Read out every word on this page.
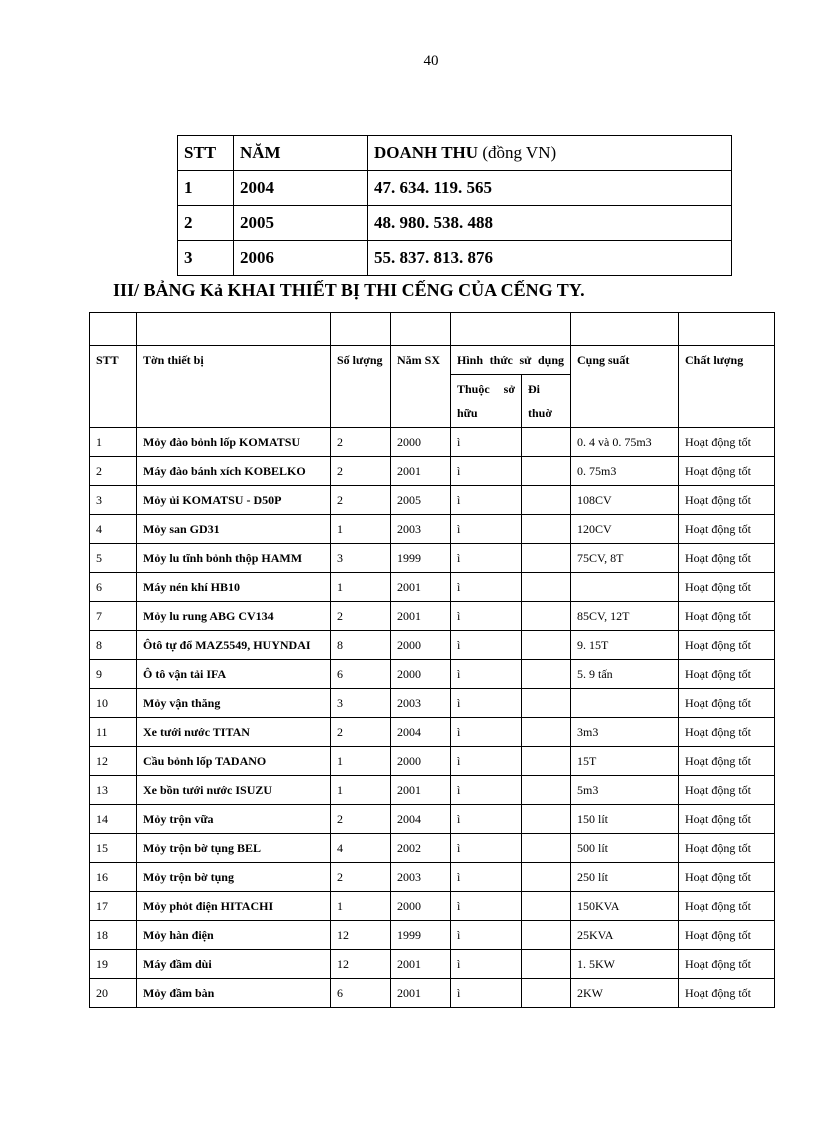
40
STT	NĂM	DOANH THU (đồng VN)
1	2004	47. 634. 119. 565
2	2005	48. 980. 538. 488
3	2006	55. 837. 813. 876
III/ BẢNG Kả KHAI THIẾT BỊ THI CẾNG CỦA CẾNG TY.

STT	Tờn thiết bị	Số lượng	Năm SX	Hình thức sử dụng		Cụng suất	Chất lượng
				Thuộc sở hữu	Đi thuờ		
1	Mỏy đào bỏnh lốp KOMATSU	2	2000	ì		0. 4 và 0. 75m3	Hoạt động tốt
2	Máy đào bánh xích KOBELKO	2	2001	ì		0. 75m3	Hoạt động tốt
3	Mỏy ủi KOMATSU - D50P	2	2005	ì		108CV	Hoạt động tốt
4	Mỏy san GD31	1	2003	ì		120CV	Hoạt động tốt
5	Mỏy lu tĩnh bỏnh thộp HAMM	3	1999	ì		75CV, 8T	Hoạt động tốt
6	Máy nén khí HB10	1	2001	ì			Hoạt động tốt
7	Mỏy lu rung ABG CV134	2	2001	ì		85CV, 12T	Hoạt động tốt
8	Ôtô tự đổ MAZ5549, HUYNDAI	8	2000	ì		9. 15T	Hoạt động tốt
9	Ô tô vận tải IFA	6	2000	ì		5. 9 tấn	Hoạt động tốt
10	Mỏy vận thăng	3	2003	ì			Hoạt động tốt
11	Xe tưới nước TITAN	2	2004	ì		3m3	Hoạt động tốt
12	Cầu bỏnh lốp TADANO	1	2000	ì		15T	Hoạt động tốt
13	Xe bồn tưới nước ISUZU	1	2001	ì		5m3	Hoạt động tốt
14	Mỏy trộn vữa	2	2004	ì		150 lít	Hoạt động tốt
15	Mỏy trộn bờ tụng BEL	4	2002	ì		500 lít	Hoạt động tốt
16	Mỏy trộn bờ tụng	2	2003	ì		250 lít	Hoạt động tốt
17	Mỏy phỏt điện HITACHI	1	2000	ì		150KVA	Hoạt động tốt
18	Mỏy hàn điện	12	1999	ì		25KVA	Hoạt động tốt
19	Máy đầm dùi	12	2001	ì		1. 5KW	Hoạt động tốt
20	Mỏy đầm bàn	6	2001	ì		2KW	Hoạt động tốt
